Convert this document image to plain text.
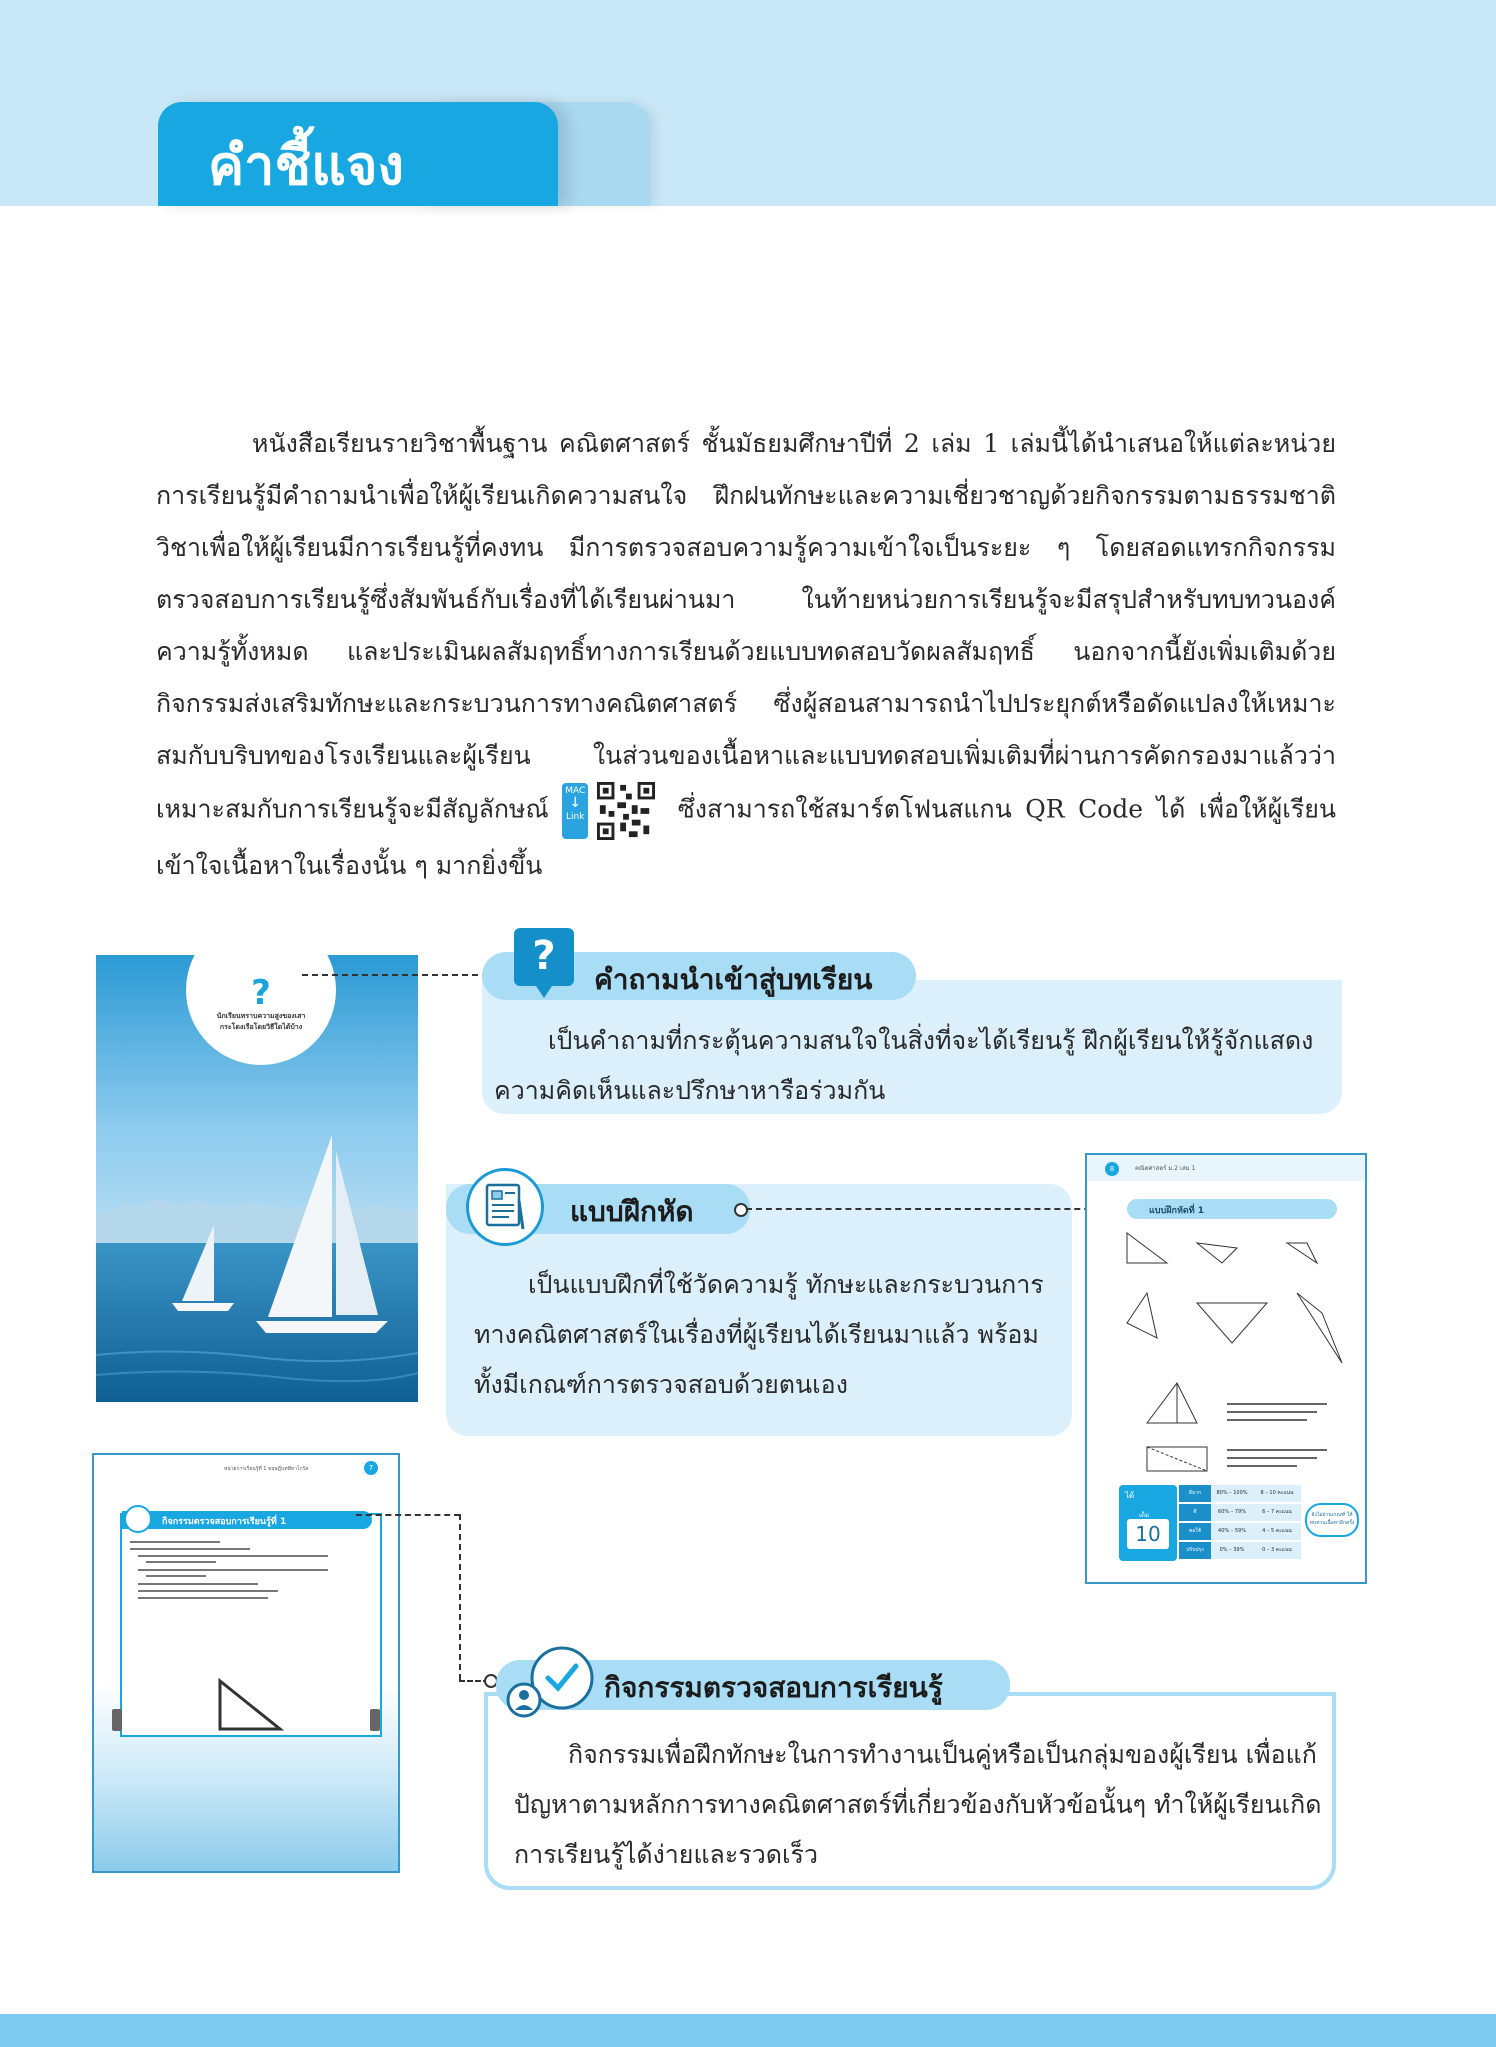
คำชี้แจง

หนังสือเรียนรายวิชาพื้นฐาน คณิตศาสตร์ ชั้นมัธยมศึกษาปีที่ 2 เล่ม 1 เล่มนี้ได้นำเสนอให้แต่ละหน่วยการเรียนรู้มีคำถามนำเพื่อให้ผู้เรียนเกิดความสนใจ ฝึกฝนทักษะและความเชี่ยวชาญด้วยกิจกรรมตามธรรมชาติวิชาเพื่อให้ผู้เรียนมีการเรียนรู้ที่คงทน มีการตรวจสอบความรู้ความเข้าใจเป็นระยะ ๆ โดยสอดแทรกกิจกรรมตรวจสอบการเรียนรู้ซึ่งสัมพันธ์กับเรื่องที่ได้เรียนผ่านมา ในท้ายหน่วยการเรียนรู้จะมีสรุปสำหรับทบทวนองค์ความรู้ทั้งหมด และประเมินผลสัมฤทธิ์ทางการเรียนด้วยแบบทดสอบวัดผลสัมฤทธิ์ นอกจากนี้ยังเพิ่มเติมด้วยกิจกรรมส่งเสริมทักษะและกระบวนการทางคณิตศาสตร์ ซึ่งผู้สอนสามารถนำไปประยุกต์หรือดัดแปลงให้เหมาะสมกับบริบทของโรงเรียนและผู้เรียน ในส่วนของเนื้อหาและแบบทดสอบเพิ่มเติมที่ผ่านการคัดกรองมาแล้วว่าเหมาะสมกับการเรียนรู้จะมีสัญลักษณ์ MAC
↓
Link	ซึ่งสามารถใช้สมาร์ตโฟนสแกน QR Code ได้ เพื่อให้ผู้เรียนเข้าใจเนื้อหาในเรื่องนั้น ๆ มากยิ่งขึ้น

?
นักเรียนทราบความสูงของเสากระโดงเรือโดยวิธีใดได้บ้าง
?
คำถามนำเข้าสู่บทเรียน

เป็นคำถามที่กระตุ้นความสนใจในสิ่งที่จะได้เรียนรู้ ฝึกผู้เรียนให้รู้จักแสดงความคิดเห็นและปรึกษาหารือร่วมกัน

แบบฝึกหัด

เป็นแบบฝึกที่ใช้วัดความรู้ ทักษะและกระบวนการทางคณิตศาสตร์ในเรื่องที่ผู้เรียนได้เรียนมาแล้ว พร้อมทั้งมีเกณฑ์การตรวจสอบด้วยตนเอง

8	คณิตศาสตร์ ม.2 เล่ม 1
แบบฝึกหัดที่ 1
ได้
10
เต็ม
ดีมาก	80% – 100%	8 – 10 คะแนน
ดี	60% – 79%	6 – 7 คะแนน
พอใช้	40% – 59%	4 – 5 คะแนน
ปรับปรุง	0% – 39%	0 – 3 คะแนน
ยังไม่ผ่านเกณฑ์ ให้ทบทวนเนื้อหาอีกครั้ง
หน่วยการเรียนรู้ที่ 1 ทฤษฎีบทพีทาโกรัส	7
กิจกรรมตรวจสอบการเรียนรู้ที่ 1
กิจกรรมตรวจสอบการเรียนรู้

กิจกรรมเพื่อฝึกทักษะในการทำงานเป็นคู่หรือเป็นกลุ่มของผู้เรียน เพื่อแก้ปัญหาตามหลักการทางคณิตศาสตร์ที่เกี่ยวข้องกับหัวข้อนั้นๆ ทำให้ผู้เรียนเกิดการเรียนรู้ได้ง่ายและรวดเร็ว
